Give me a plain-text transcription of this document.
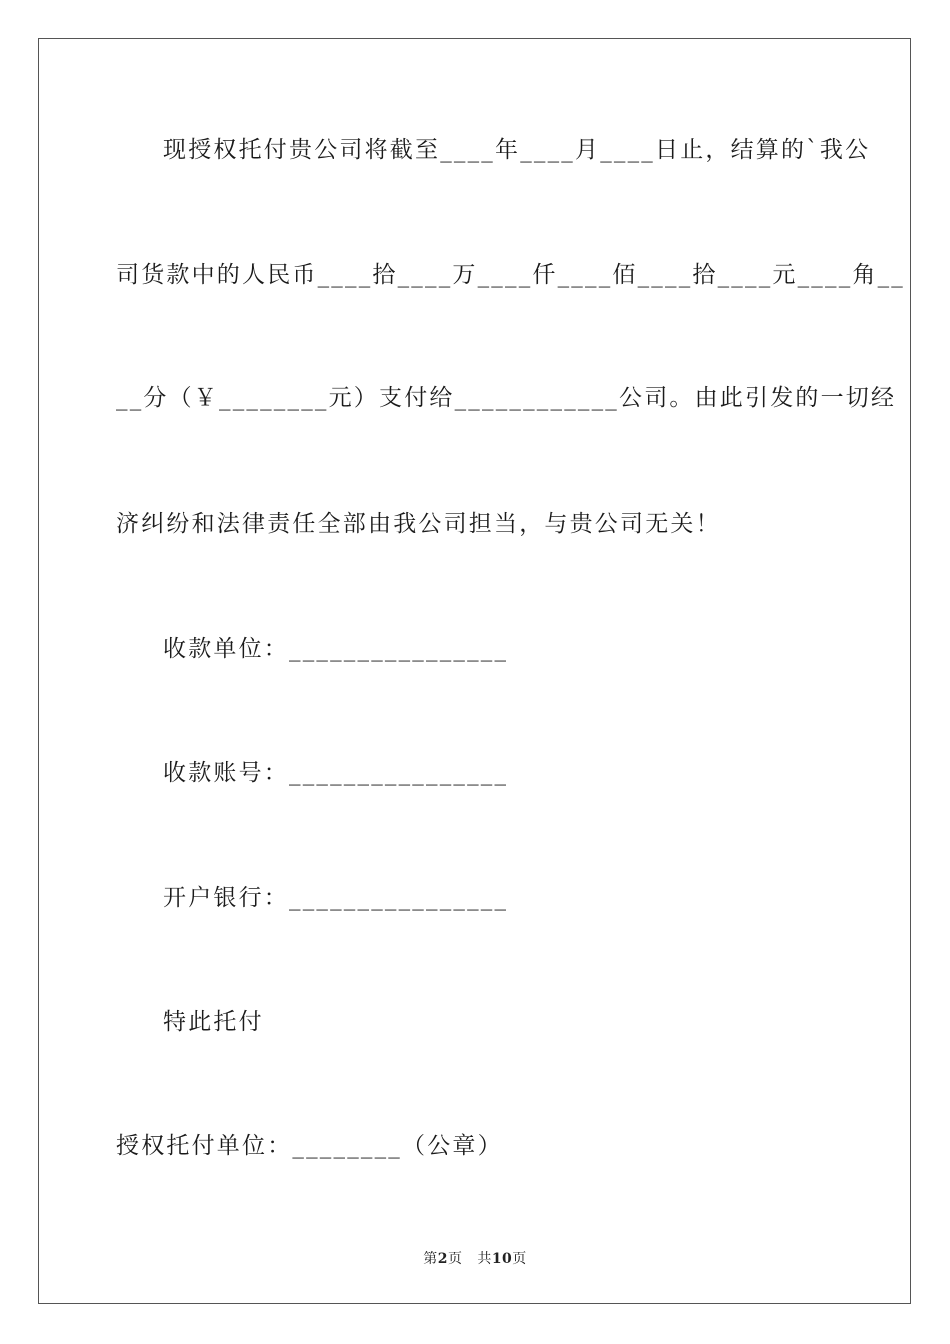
现授权托付贵公司将截至____年____月____日止，结算的`我公
司货款中的人民币____拾____万____仟____佰____拾____元____角__
__分（￥________元）支付给____________公司。由此引发的一切经
济纠纷和法律责任全部由我公司担当，与贵公司无关！
收款单位：________________
收款账号：________________
开户银行：________________
特此托付
授权托付单位：________（公章）
第2页 共10页
